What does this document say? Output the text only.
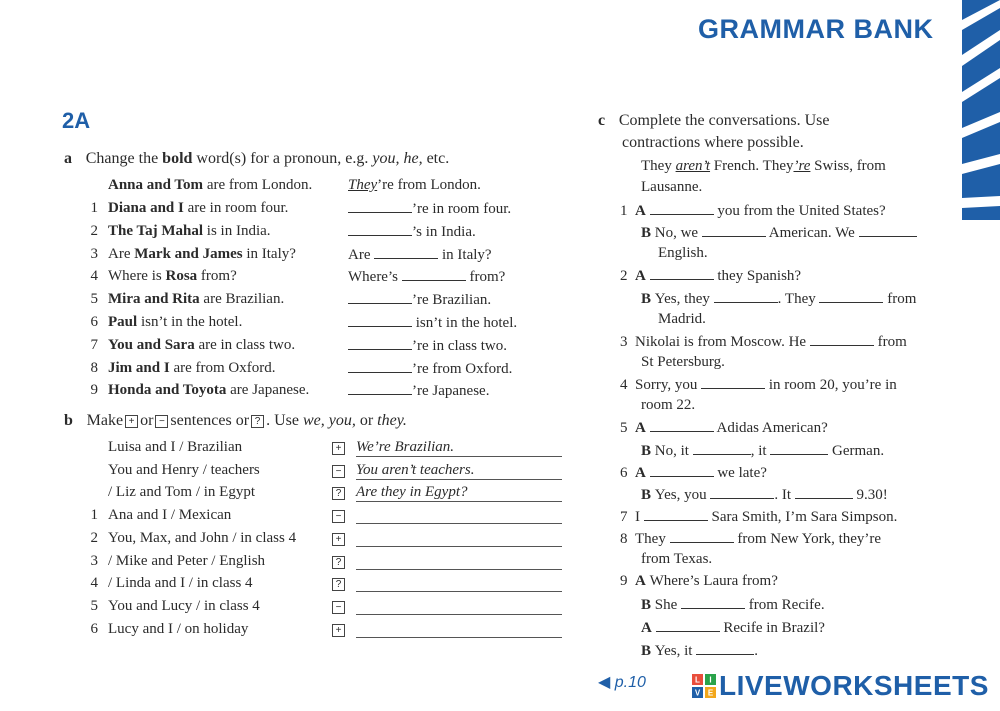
GRAMMAR BANK
2A
a Change the bold word(s) for a pronoun, e.g. you, he, etc.
Anna and Tom are from London. They’re from London.
1 Diana and I are in room four.	’re in room four.
2 The Taj Mahal is in India.	’s in India.
3 Are Mark and James in Italy?	Are	in Italy?
4 Where is Rosa from?	Where’s	from?
5 Mira and Rita are Brazilian.	’re Brazilian.
6 Paul isn’t in the hotel.	isn’t in the hotel.
7 You and Sara are in class two.	’re in class two.
8 Jim and I are from Oxford.	’re from Oxford.
9 Honda and Toyota are Japanese.	’re Japanese.
b Make + or − sentences or ? . Use we, you, or they.
Luisa and I / Brazilian	+ We’re Brazilian.
You and Henry / teachers	− You aren’t teachers.
/ Liz and Tom / in Egypt	? Are they in Egypt?
1 Ana and I / Mexican	−
2 You, Max, and John / in class 4	+
3 / Mike and Peter / English	?
4 / Linda and I / in class 4	?
5 You and Lucy / in class 4	−
6 Lucy and I / on holiday	+
c Complete the conversations. Use
contractions where possible.
They aren’t French. They’re Swiss, from
Lausanne.
1 A	you from the United States?
B No, we	American. We
English.
2 A	they Spanish?
B Yes, they	. They	from
Madrid.
3 Nikolai is from Moscow. He	from
St Petersburg.
4 Sorry, you	in room 20, you’re in
room 22.
5 A	Adidas American?
B No, it	, it	German.
6 A	we late?
B Yes, you	. It	9.30!
7 I	Sara Smith, I’m Sara Simpson.
8 They	from New York, they’re
from Texas.
9 A Where’s Laura from?
B She	from Recife.
A	Recife in Brazil?
B Yes, it	.
◀ p.10	L I
V E LIVEWORKSHEETS
